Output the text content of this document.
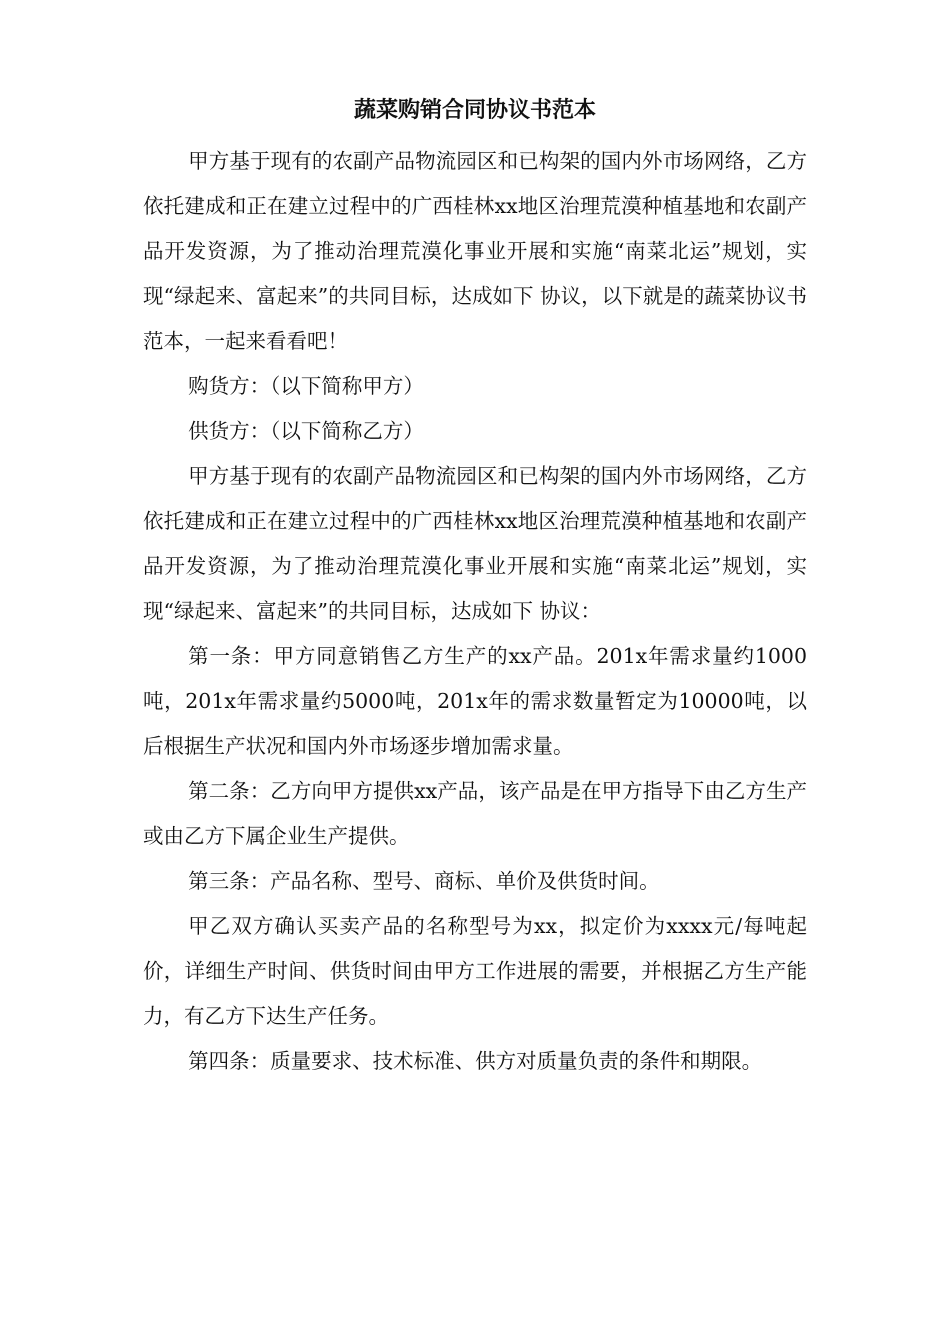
蔬菜购销合同协议书范本

甲方基于现有的农副产品物流园区和已构架的国内外市场网络，乙方依托建成和正在建立过程中的广西桂林xx地区治理荒漠种植基地和农副产品开发资源，为了推动治理荒漠化事业开展和实施“南菜北运”规划，实现“绿起来、富起来”的共同目标，达成如下 协议，以下就是的蔬菜协议书范本，一起来看看吧！

购货方：（以下简称甲方）

供货方：（以下简称乙方）

甲方基于现有的农副产品物流园区和已构架的国内外市场网络，乙方依托建成和正在建立过程中的广西桂林xx地区治理荒漠种植基地和农副产品开发资源，为了推动治理荒漠化事业开展和实施“南菜北运”规划，实现“绿起来、富起来”的共同目标，达成如下 协议：

第一条：甲方同意销售乙方生产的xx产品。201x年需求量约1000吨，201x年需求量约5000吨，201x年的需求数量暂定为10000吨，以后根据生产状况和国内外市场逐步增加需求量。

第二条：乙方向甲方提供xx产品，该产品是在甲方指导下由乙方生产或由乙方下属企业生产提供。

第三条：产品名称、型号、商标、单价及供货时间。

甲乙双方确认买卖产品的名称型号为xx，拟定价为xxxx元/每吨起价，详细生产时间、供货时间由甲方工作进展的需要，并根据乙方生产能力，有乙方下达生产任务。

第四条：质量要求、技术标准、供方对质量负责的条件和期限。
